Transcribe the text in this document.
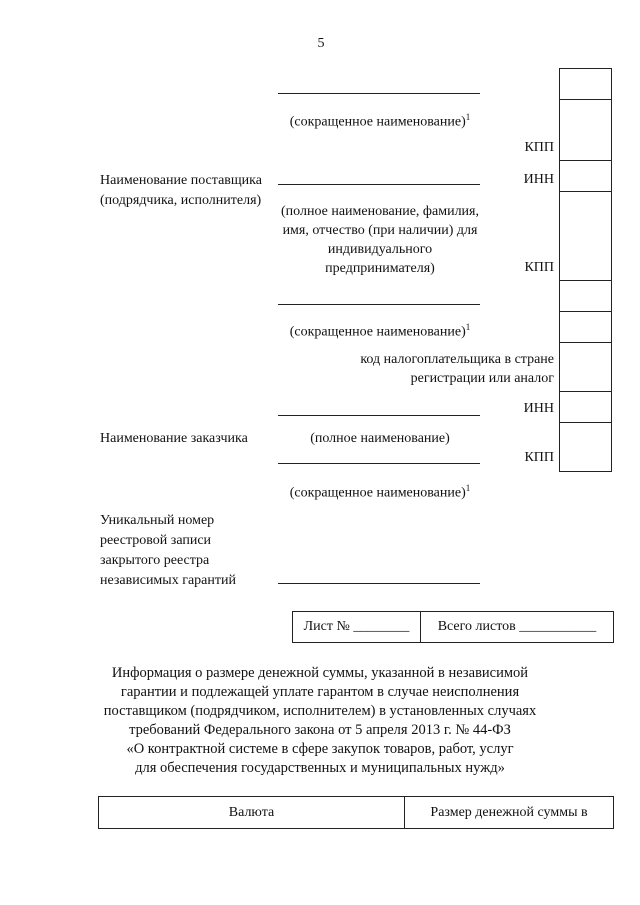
5
(сокращенное наименование)$^1$
КПП
Наименование поставщика (подрядчика, исполнителя)
ИНН
(полное наименование, фамилия, имя, отчество (при наличии) для индивидуального предпринимателя)	КПП
(сокращенное наименование)$^1$
код налогоплательщика в стране регистрации или аналог
ИНН
Наименование заказчика	(полное наименование)
КПП
(сокращенное наименование)$^1$
Уникальный номер реестровой записи закрытого реестра независимых гарантий
Лист № ________	Всего листов ___________
Информация о размере денежной суммы, указанной в независимой
гарантии и подлежащей уплате гарантом в случае неисполнения
поставщиком (подрядчиком, исполнителем) в установленных случаях
требований Федерального закона от 5 апреля 2013 г. № 44-ФЗ
«О контрактной системе в сфере закупок товаров, работ, услуг
для обеспечения государственных и муниципальных нужд»
Валюта	Размер денежной суммы в
